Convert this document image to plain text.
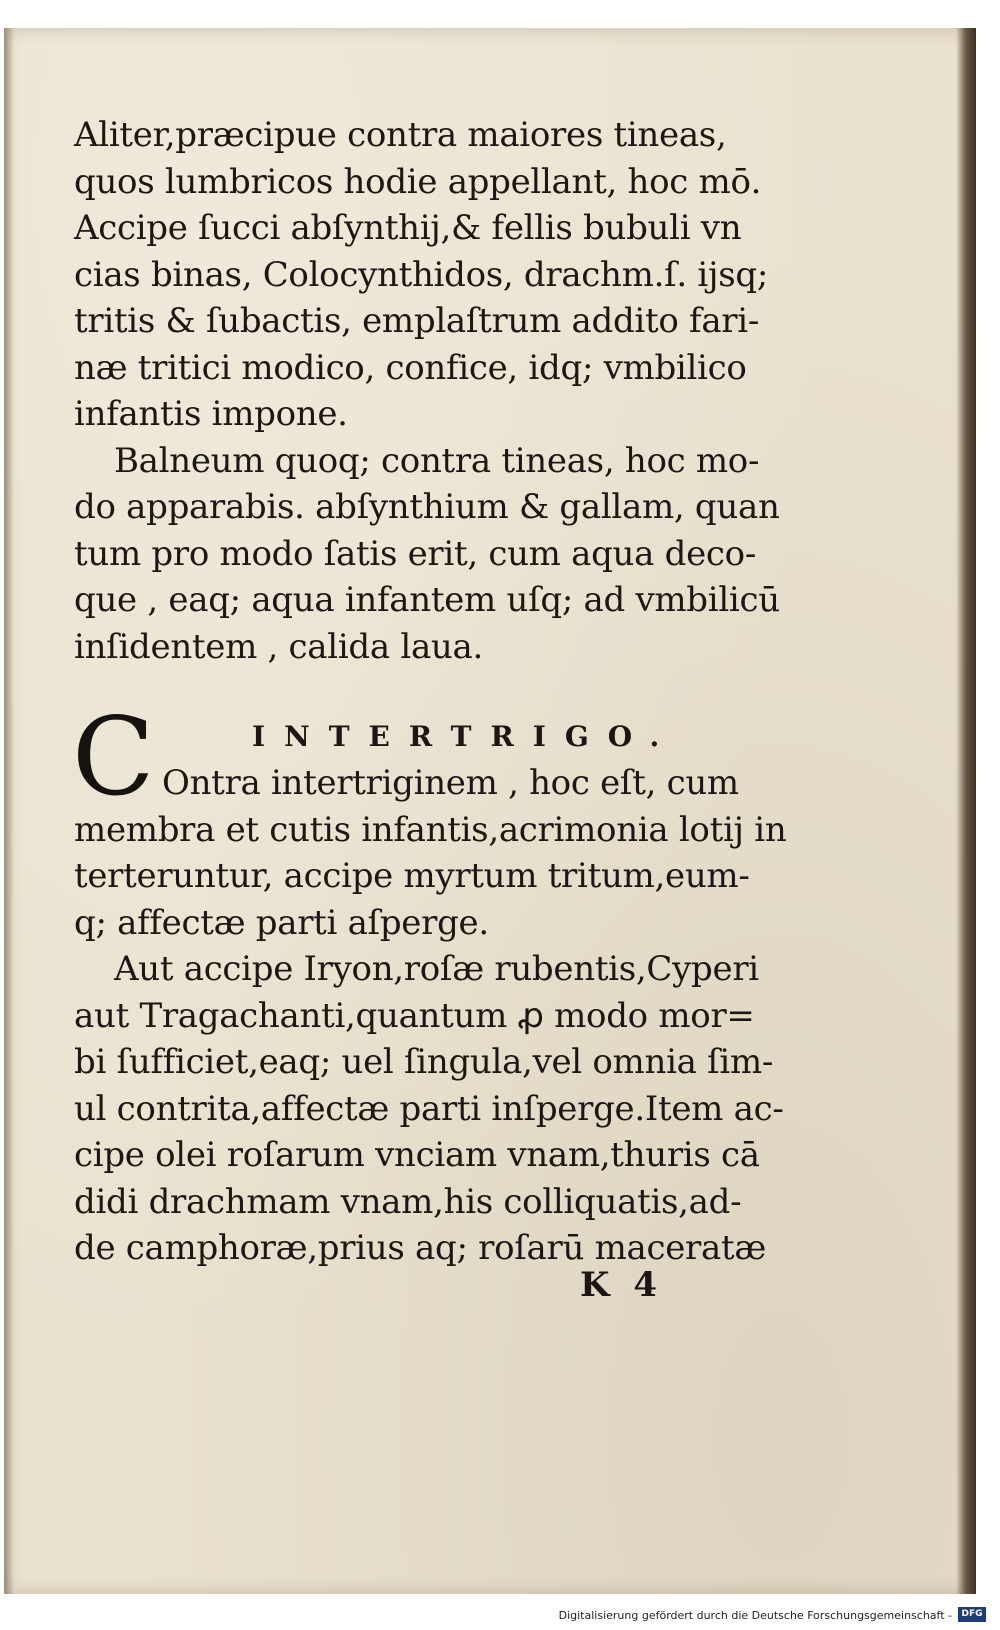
Aliter,præcipue contra maiores tineas,
quos lumbricos hodie appellant, hoc mō.
Accipe ſucci abſynthij,& fellis bubuli vn
cias binas, Colocynthidos, drachm.ſ. ijsq;
tritis & ſubactis, emplaſtrum addito fari-
næ tritici modico, confice, idq; vmbilico
infantis impone.
Balneum quoq; contra tineas, hoc mo-
do apparabis. abſynthium & gallam, quan
tum pro modo ſatis erit, cum aqua deco-
que , eaq; aqua infantem uſq; ad vmbilicū
inſidentem , calida laua.
C	INTERTRIGO.
Ontra intertriginem , hoc eſt, cum
membra et cutis infantis,acrimonia lotij in
terteruntur, accipe myrtum tritum,eum-
q; affectæ parti aſperge.
Aut accipe Iryon,roſæ rubentis,Cyperi
aut Tragachanti,quantum ꝓ modo mor=
bi ſufficiet,eaq; uel ſingula,vel omnia ſim-
ul contrita,affectæ parti inſperge.Item ac-
cipe olei roſarum vnciam vnam,thuris cā
didi drachmam vnam,his colliquatis,ad-
de camphoræ,prius aq; roſarū maceratæ
K 4
Digitalisierung gefördert durch die Deutsche Forschungsgemeinschaft -	DFG
